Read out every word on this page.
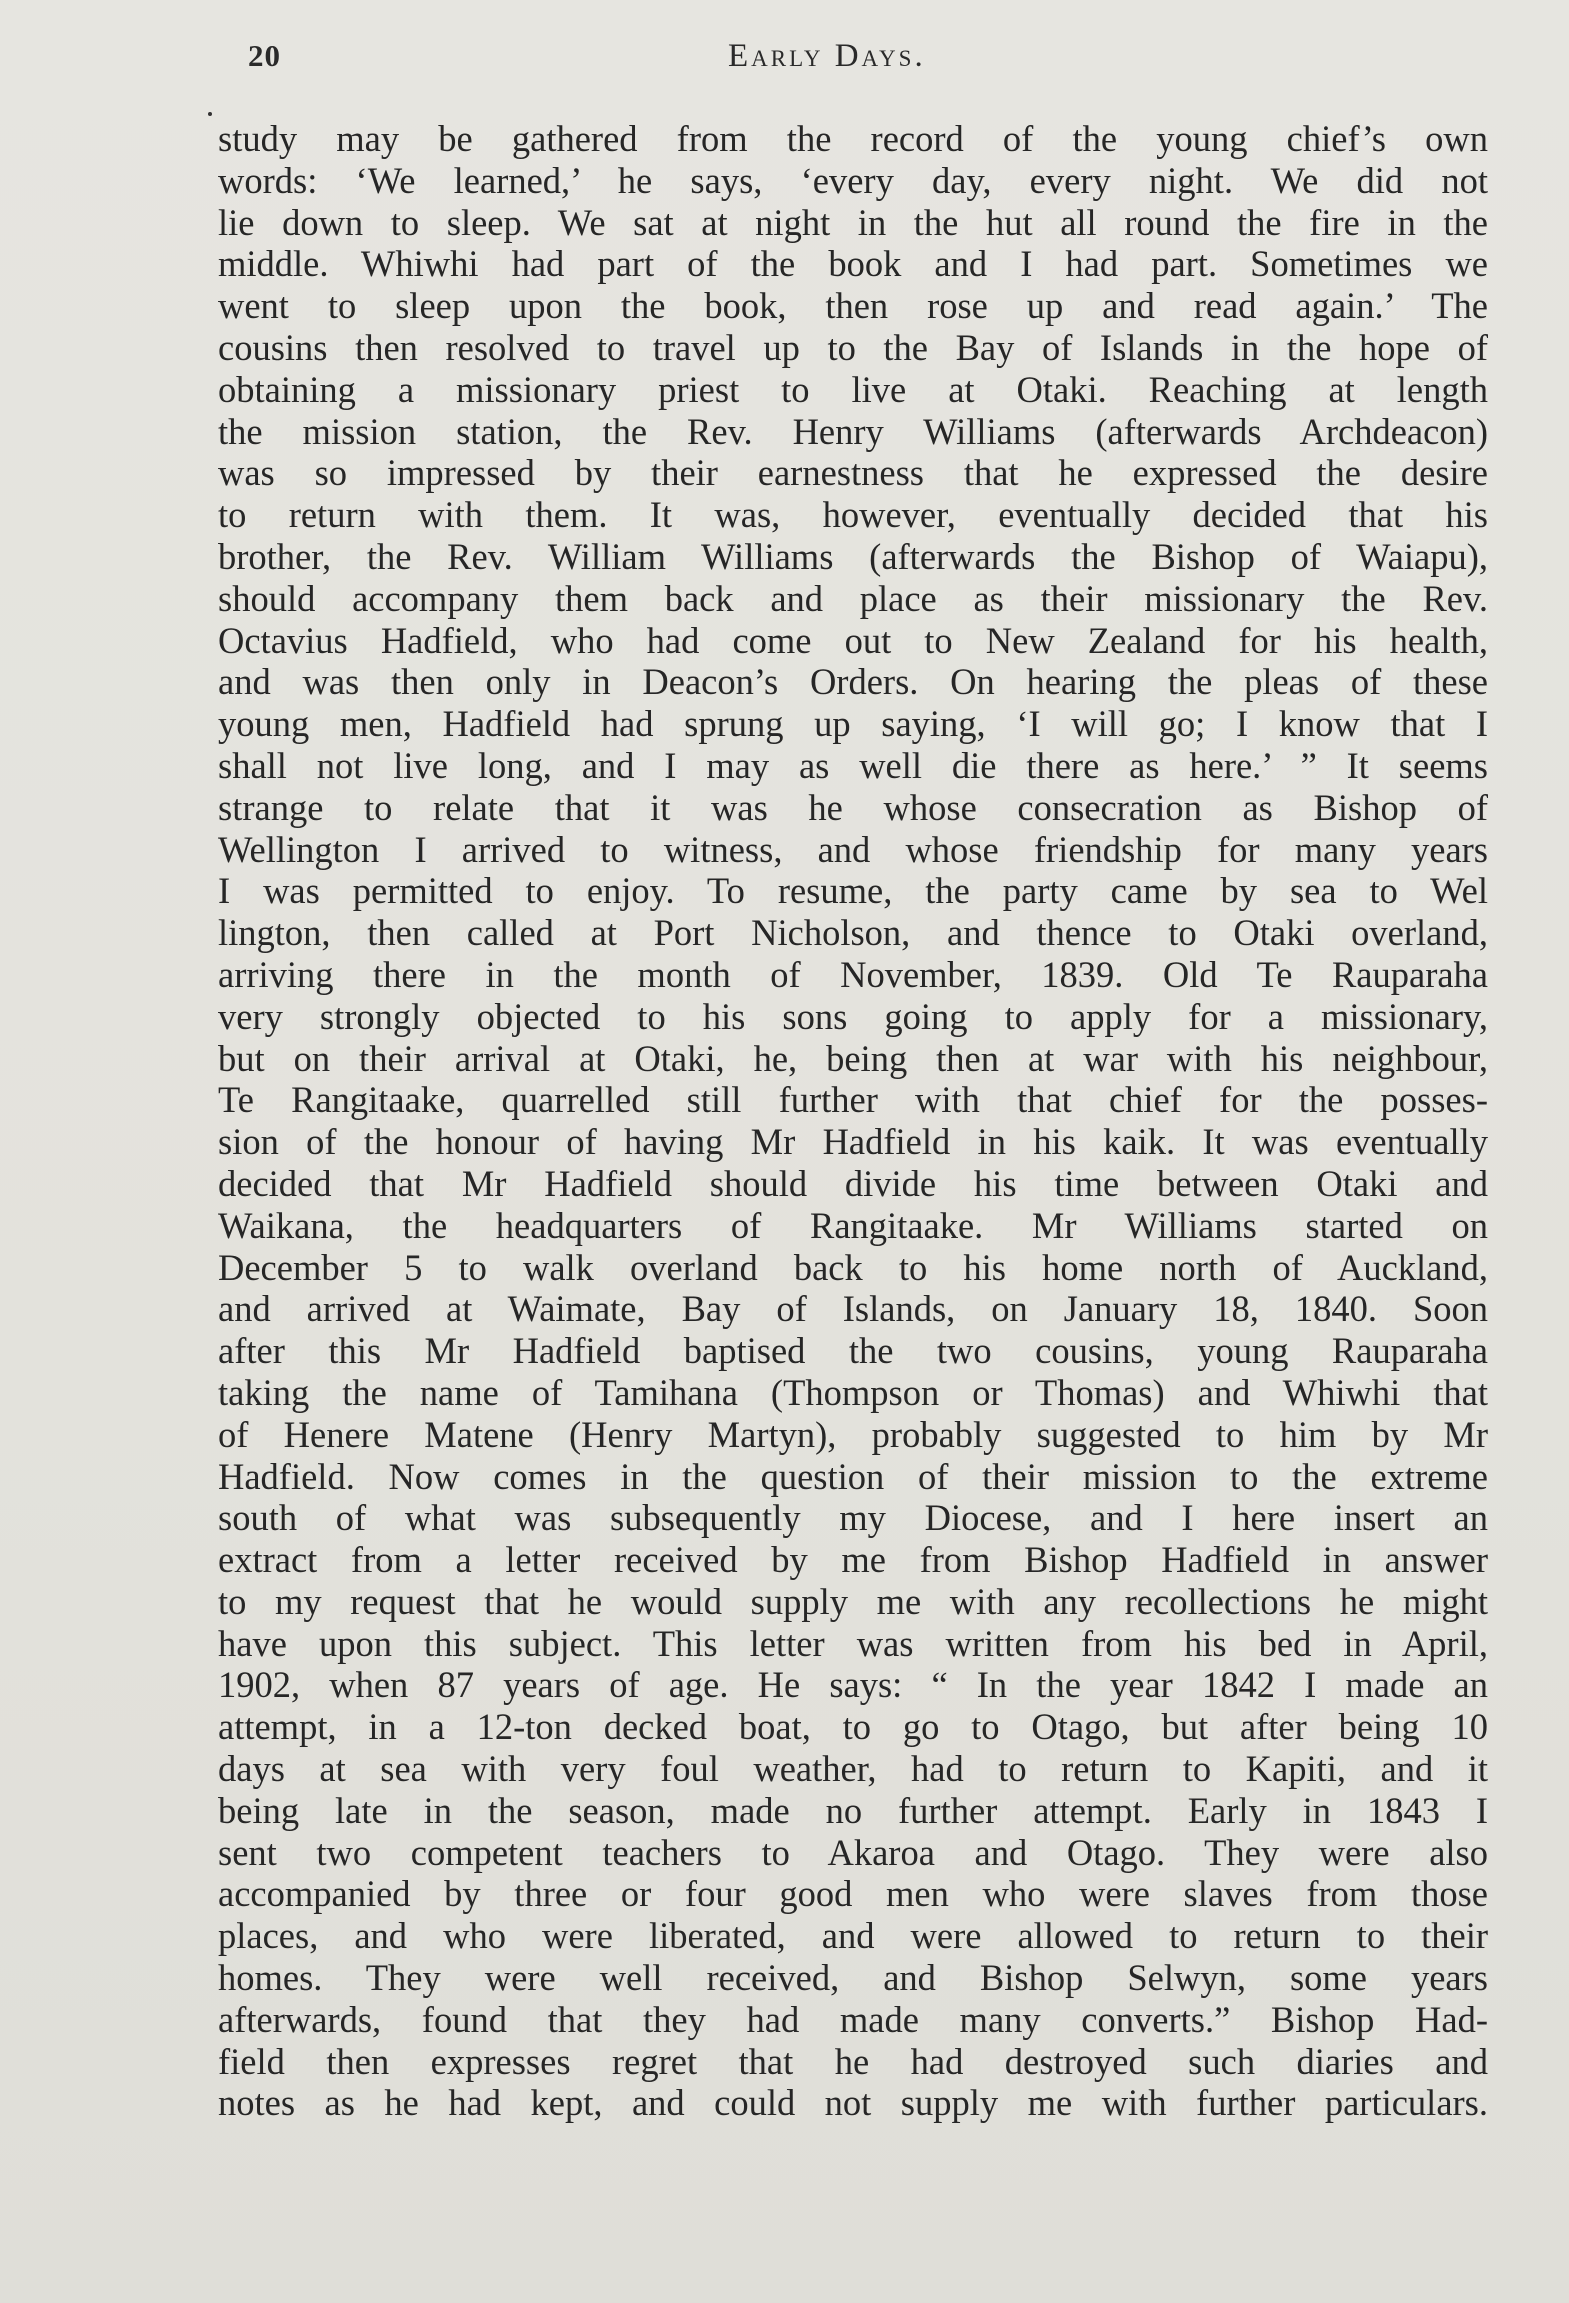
20	Early Days.
study may be gathered from the record of the young chief’s own
words: ‘We learned,’ he says, ‘every day, every night. We did not
lie down to sleep. We sat at night in the hut all round the fire in the
middle. Whiwhi had part of the book and I had part. Sometimes we
went to sleep upon the book, then rose up and read again.’ The
cousins then resolved to travel up to the Bay of Islands in the hope of
obtaining a missionary priest to live at Otaki. Reaching at length
the mission station, the Rev. Henry Williams (afterwards Archdeacon)
was so impressed by their earnestness that he expressed the desire
to return with them. It was, however, eventually decided that his
brother, the Rev. William Williams (afterwards the Bishop of Waiapu),
should accompany them back and place as their missionary the Rev.
Octavius Hadfield, who had come out to New Zealand for his health,
and was then only in Deacon’s Orders. On hearing the pleas of these
young men, Hadfield had sprung up saying, ‘I will go; I know that I
shall not live long, and I may as well die there as here.’ ” It seems
strange to relate that it was he whose consecration as Bishop of
Wellington I arrived to witness, and whose friendship for many years
I was permitted to enjoy. To resume, the party came by sea to Wel
lington, then called at Port Nicholson, and thence to Otaki overland,
arriving there in the month of November, 1839. Old Te Rauparaha
very strongly objected to his sons going to apply for a missionary,
but on their arrival at Otaki, he, being then at war with his neighbour,
Te Rangitaake, quarrelled still further with that chief for the posses-
sion of the honour of having Mr Hadfield in his kaik. It was eventually
decided that Mr Hadfield should divide his time between Otaki and
Waikana, the headquarters of Rangitaake. Mr Williams started on
December 5 to walk overland back to his home north of Auckland,
and arrived at Waimate, Bay of Islands, on January 18, 1840. Soon
after this Mr Hadfield baptised the two cousins, young Rauparaha
taking the name of Tamihana (Thompson or Thomas) and Whiwhi that
of Henere Matene (Henry Martyn), probably suggested to him by Mr
Hadfield. Now comes in the question of their mission to the extreme
south of what was subsequently my Diocese, and I here insert an
extract from a letter received by me from Bishop Hadfield in answer
to my request that he would supply me with any recollections he might
have upon this subject. This letter was written from his bed in April,
1902, when 87 years of age. He says: “ In the year 1842 I made an
attempt, in a 12-ton decked boat, to go to Otago, but after being 10
days at sea with very foul weather, had to return to Kapiti, and it
being late in the season, made no further attempt. Early in 1843 I
sent two competent teachers to Akaroa and Otago. They were also
accompanied by three or four good men who were slaves from those
places, and who were liberated, and were allowed to return to their
homes. They were well received, and Bishop Selwyn, some years
afterwards, found that they had made many converts.” Bishop Had-
field then expresses regret that he had destroyed such diaries and
notes as he had kept, and could not supply me with further particulars.
